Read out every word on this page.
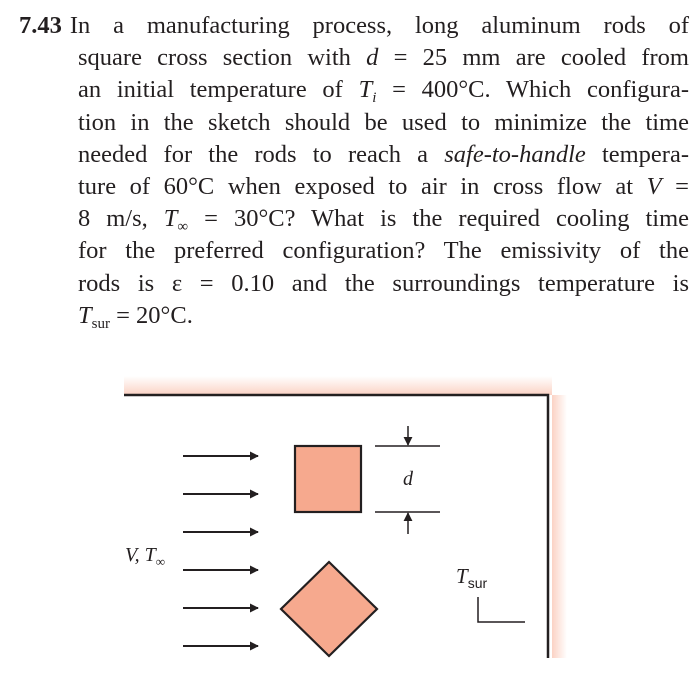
7.43 In a manufacturing process, long aluminum rods of
square cross section with d = 25 mm are cooled from
an initial temperature of $T_i = 400^\circ C$. Which configura-
tion in the sketch should be used to minimize the time
needed for the rods to reach a safe-to-handle tempera-
ture of 60°C when exposed to air in cross flow at V =
8 m/s, $T_\infty = 30^\circ C$? What is the required cooling time
for the preferred configuration? The emissivity of the
rods is ε = 0.10 and the surroundings temperature is
$T_{sur} = 20^\circ C$.
V, $T_\infty$
d
$T_{sur}$
